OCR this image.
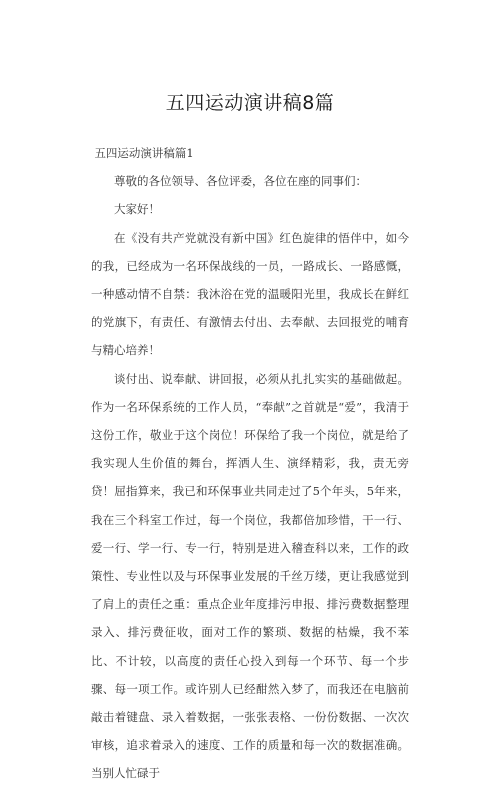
五四运动演讲稿8篇

五四运动演讲稿篇1

尊敬的各位领导、各位评委，各位在座的同事们：

大家好！

在《没有共产党就没有新中国》红色旋律的悟伴中，如今的我，已经成为一名环保战线的一员，一路成长、一路感慨，一种感动情不自禁：我沐浴在党的温暖阳光里，我成长在鲜红的党旗下，有责任、有激情去付出、去奉献、去回报党的哺育与精心培养！

谈付出、说奉献、讲回报，必须从扎扎实实的基础做起。作为一名环保系统的工作人员，“奉献”之首就是“爱”，我清于这份工作，敬业于这个岗位！环保给了我一个岗位，就是给了我实现人生价值的舞台，挥洒人生、演绎精彩，我，责无旁贷！屈指算来，我已和环保事业共同走过了5个年头，5年来，我在三个科室工作过，每一个岗位，我都倍加珍惜，干一行、爱一行、学一行、专一行，特别是进入稽查科以来，工作的政策性、专业性以及与环保事业发展的千丝万缕，更让我感觉到了肩上的责任之重：重点企业年度排污申报、排污费数据整理录入、排污费征收，面对工作的繁琐、数据的枯燥，我不苯比、不计较，以高度的责任心投入到每一个环节、每一个步骤、每一项工作。或许别人已经酣然入梦了，而我还在电脑前敲击着键盘、录入着数据，一张张表格、一份份数据、一次次审核，追求着录入的速度、工作的质量和每一次的数据准确。当别人忙碌于
